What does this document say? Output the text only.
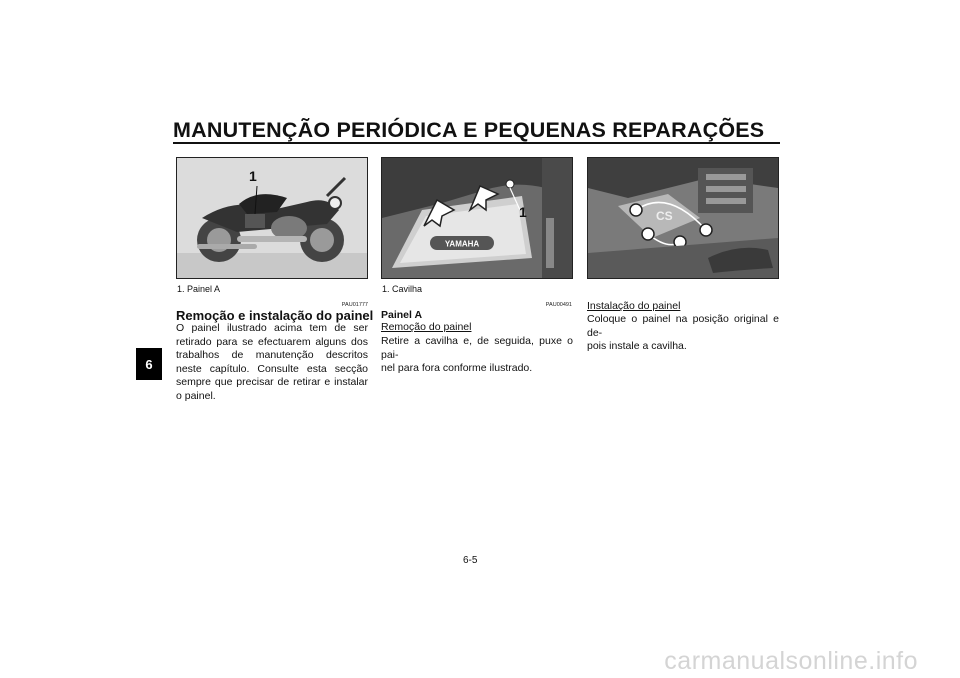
MANUTENÇÃO PERIÓDICA E PEQUENAS REPARAÇÕES
6
1
YAMAHA
1	CS
1. Painel A	1. Cavilha
PAU01777
Remoção e instalação do painel
O painel ilustrado acima tem de ser retirado para se efectuarem alguns dos trabalhos de manutenção descritos neste capítulo. Consulte esta secção sempre que precisar de retirar e instalar o painel.
PAU00491
Painel A
Remoção do painel
Retire a cavilha e, de seguida, puxe o pai-
nel para fora conforme ilustrado.
Instalação do painel
Coloque o painel na posição original e de-
pois instale a cavilha.
6-5
carmanualsonline.info
